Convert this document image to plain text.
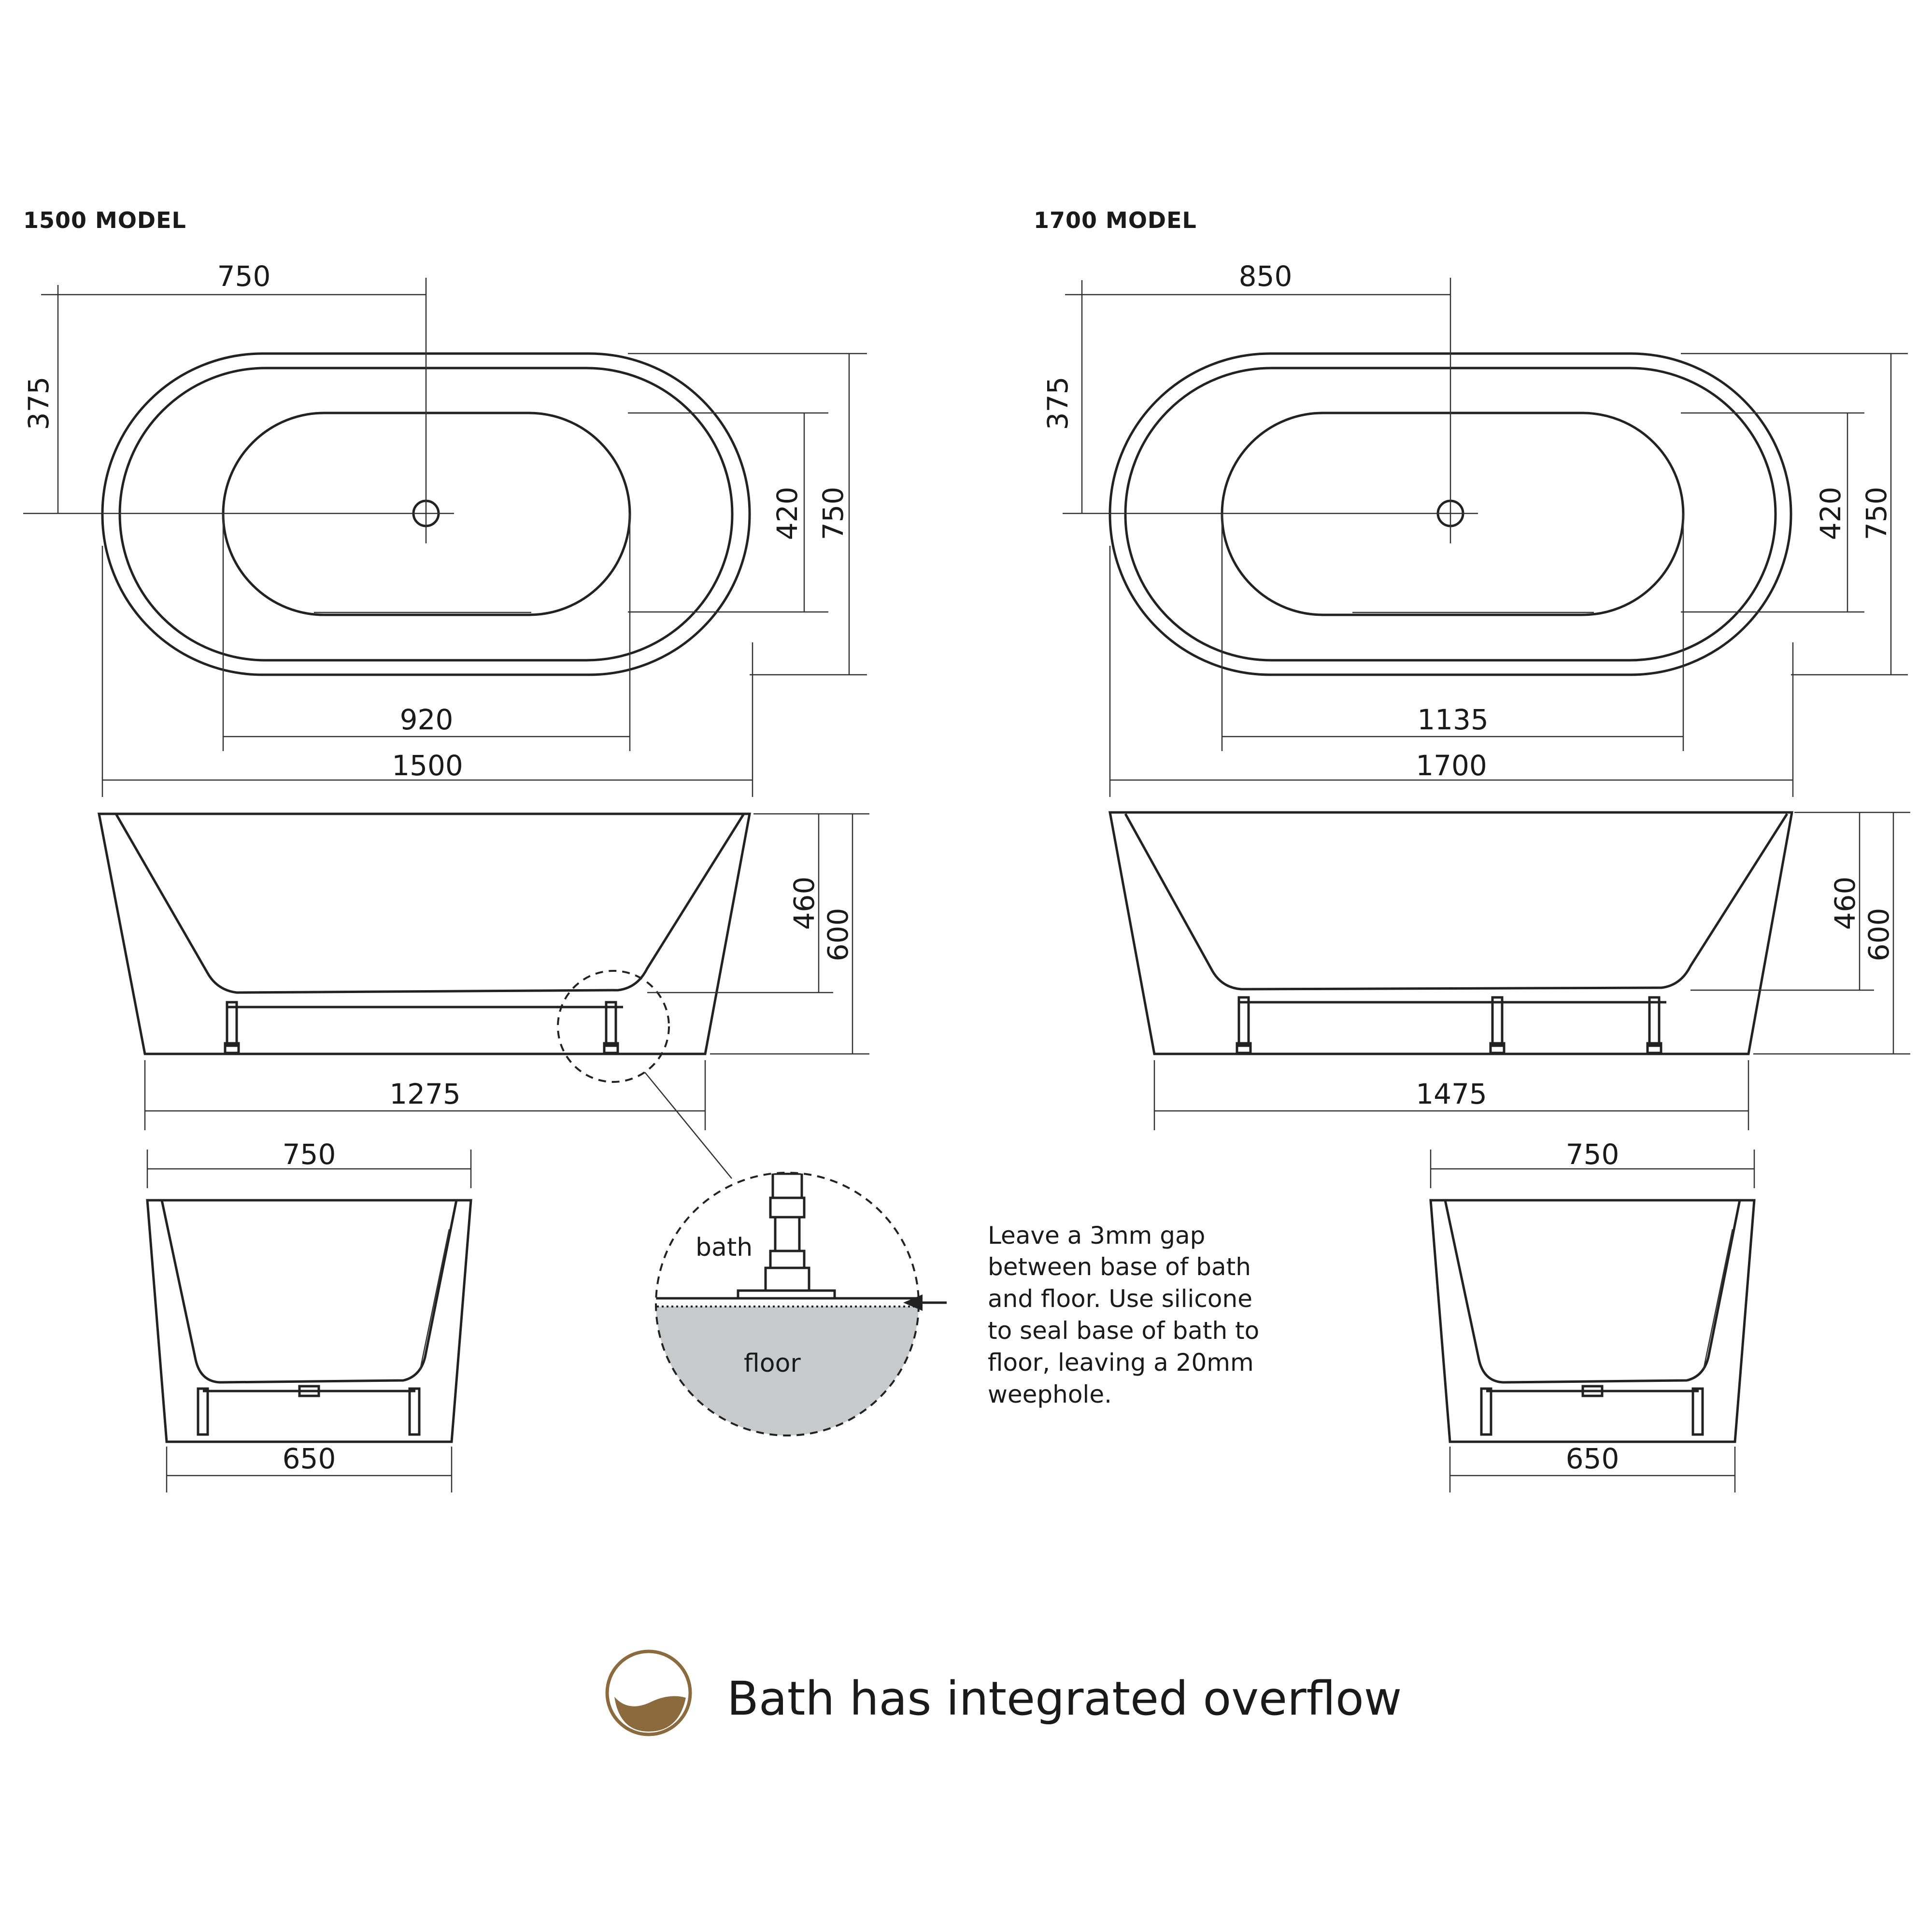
1500 MODEL
750
375
420 750
920
1500
460
600
1275
750
650
1700 MODEL
850
375
420 750
1135
1700
460
600
1475
750
650
bath
floor
Leave a 3mm gap
between base of bath
and floor. Use silicone
to seal base of bath to
floor, leaving a 20mm
weephole.
Bath has integrated overflow
